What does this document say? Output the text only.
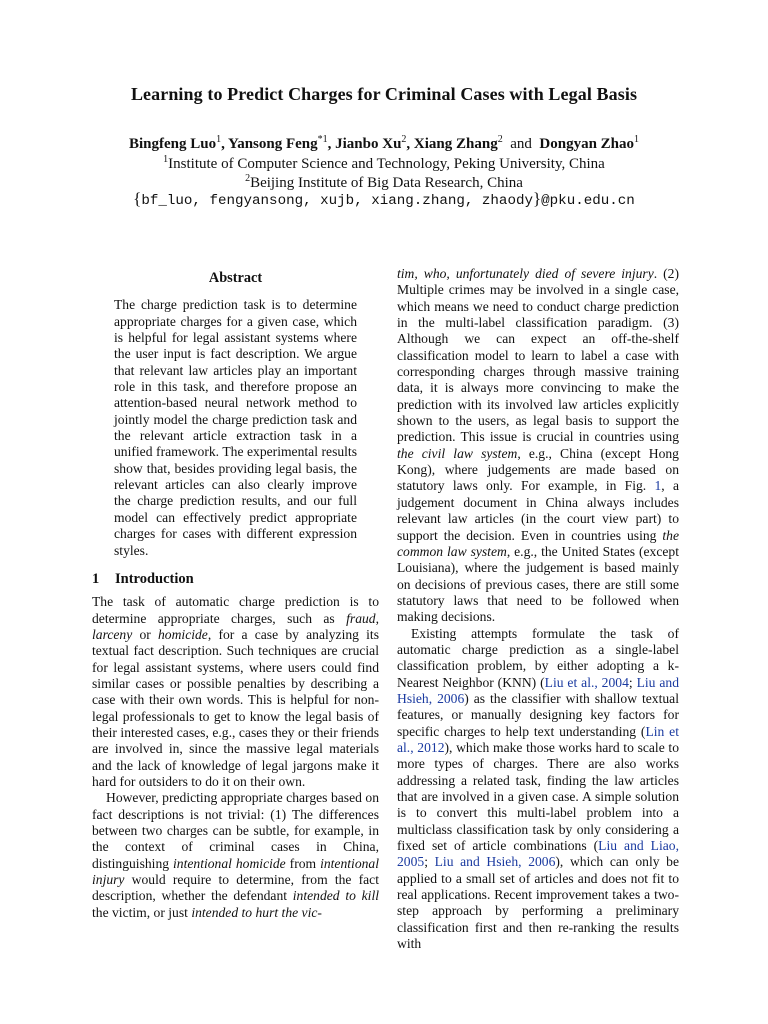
Learning to Predict Charges for Criminal Cases with Legal Basis
Bingfeng Luo$^1$, Yansong Feng$^{*1}$, Jianbo Xu$^2$, Xiang Zhang$^2$ and Dongyan Zhao$^1$
$^1$Institute of Computer Science and Technology, Peking University, China
$^2$Beijing Institute of Big Data Research, China
{bf_luo, fengyansong, xujb, xiang.zhang, zhaody}@pku.edu.cn
Abstract

The charge prediction task is to determine appropriate charges for a given case, which is helpful for legal assistant systems where the user input is fact description. We argue that relevant law articles play an important role in this task, and therefore propose an attention-based neural network method to jointly model the charge prediction task and the relevant article extraction task in a unified framework. The experimental results show that, besides providing legal basis, the relevant articles can also clearly improve the charge prediction results, and our full model can effectively predict appropriate charges for cases with different expression styles.

1 Introduction

The task of automatic charge prediction is to determine appropriate charges, such as fraud, larceny or homicide, for a case by analyzing its textual fact description. Such techniques are crucial for legal assistant systems, where users could find similar cases or possible penalties by describing a case with their own words. This is helpful for non-legal professionals to get to know the legal basis of their interested cases, e.g., cases they or their friends are involved in, since the massive legal materials and the lack of knowledge of legal jargons make it hard for outsiders to do it on their own.

However, predicting appropriate charges based on fact descriptions is not trivial: (1) The differences between two charges can be subtle, for example, in the context of criminal cases in China, distinguishing intentional homicide from intentional injury would require to determine, from the fact description, whether the defendant intended to kill the victim, or just intended to hurt the vic-

tim, who, unfortunately died of severe injury. (2) Multiple crimes may be involved in a single case, which means we need to conduct charge prediction in the multi-label classification paradigm. (3) Although we can expect an off-the-shelf classification model to learn to label a case with corresponding charges through massive training data, it is always more convincing to make the prediction with its involved law articles explicitly shown to the users, as legal basis to support the prediction. This issue is crucial in countries using the civil law system, e.g., China (except Hong Kong), where judgements are made based on statutory laws only. For example, in Fig. 1, a judgement document in China always includes relevant law articles (in the court view part) to support the decision. Even in countries using the common law system, e.g., the United States (except Louisiana), where the judgement is based mainly on decisions of previous cases, there are still some statutory laws that need to be followed when making decisions.

Existing attempts formulate the task of automatic charge prediction as a single-label classification problem, by either adopting a k-Nearest Neighbor (KNN) (Liu et al., 2004; Liu and Hsieh, 2006) as the classifier with shallow textual features, or manually designing key factors for specific charges to help text understanding (Lin et al., 2012), which make those works hard to scale to more types of charges. There are also works addressing a related task, finding the law articles that are involved in a given case. A simple solution is to convert this multi-label problem into a multiclass classification task by only considering a fixed set of article combinations (Liu and Liao, 2005; Liu and Hsieh, 2006), which can only be applied to a small set of articles and does not fit to real applications. Recent improvement takes a two-step approach by performing a preliminary classification first and then re-ranking the results with
